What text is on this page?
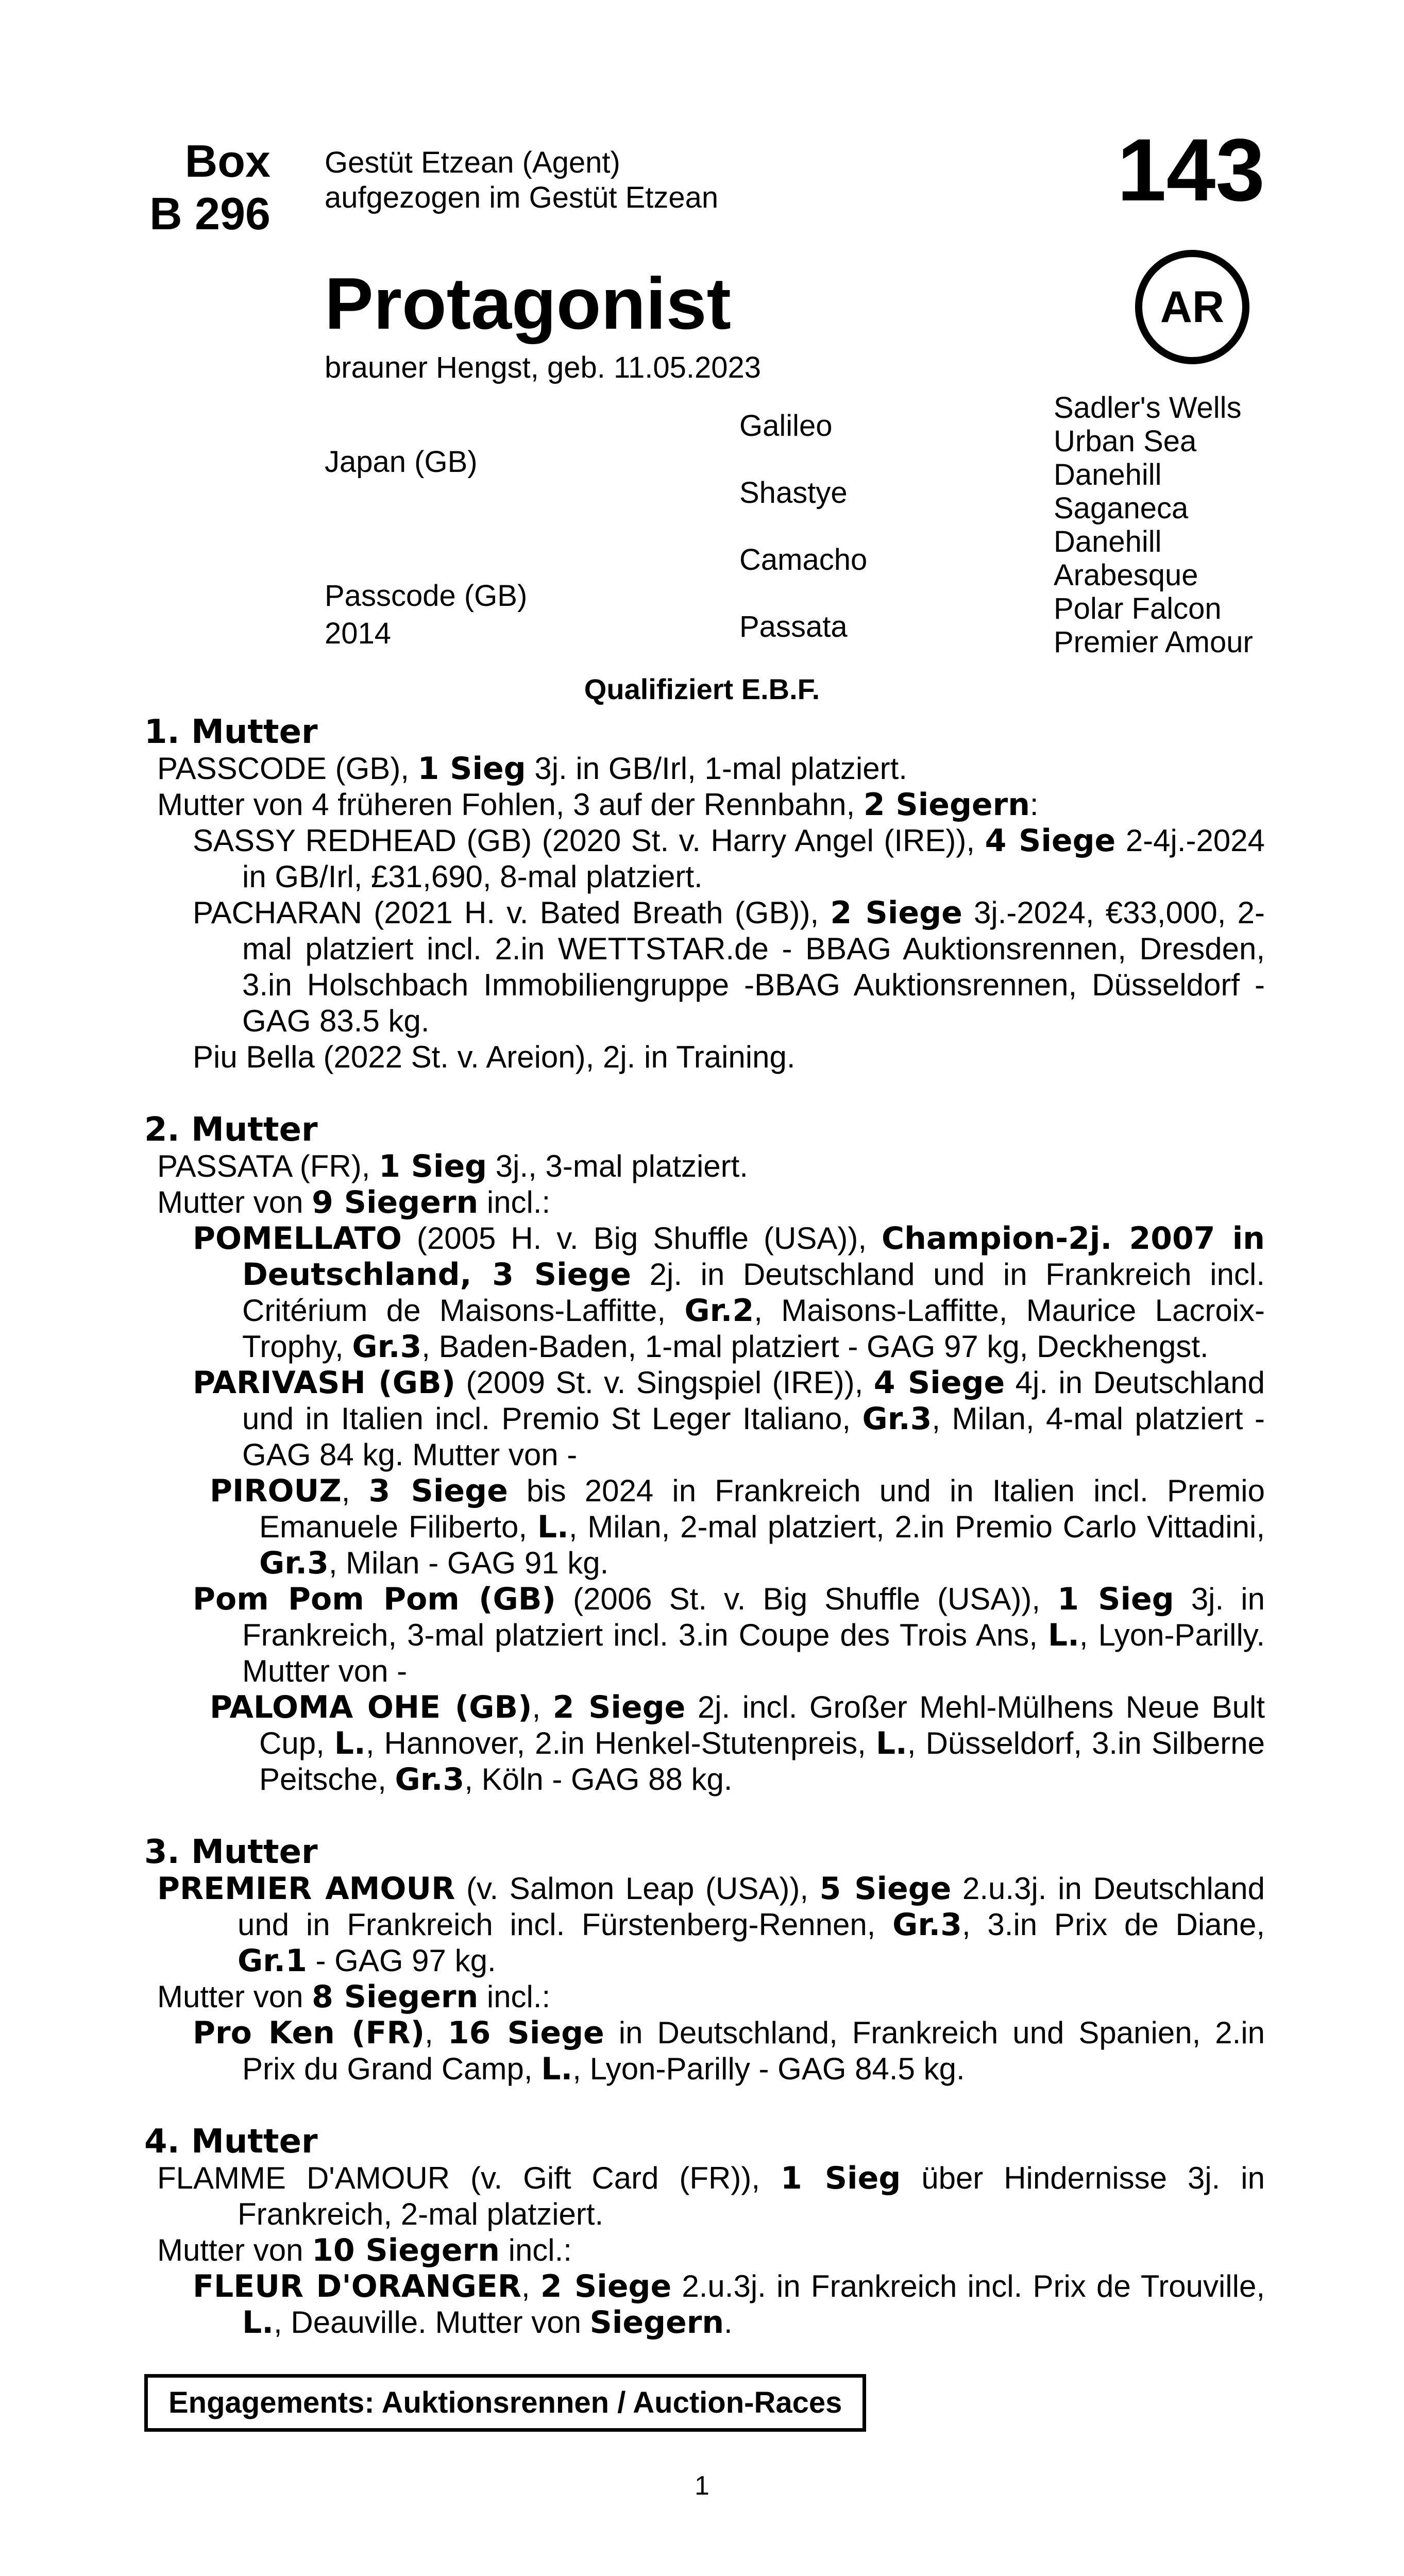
Box
B 296
Gestüt Etzean (Agent)
aufgezogen im Gestüt Etzean	143
AR
Protagonist
brauner Hengst, geb. 11.05.2023
Japan (GB)
Passcode (GB)
2014
Galileo
Shastye
Camacho
Passata
Sadler's Wells
Urban Sea
Danehill
Saganeca
Danehill
Arabesque
Polar Falcon
Premier Amour
Qualifiziert E.B.F.
1. Mutter
PASSCODE (GB), 1 Sieg 3j. in GB/Irl, 1-mal platziert.
Mutter von 4 früheren Fohlen, 3 auf der Rennbahn, 2 Siegern:
SASSY REDHEAD (GB) (2020 St. v. Harry Angel (IRE)), 4 Siege 2-4j.-2024 in GB/Irl, £31,690, 8-mal platziert.
PACHARAN (2021 H. v. Bated Breath (GB)), 2 Siege 3j.-2024, €33,000, 2-mal platziert incl. 2.in WETTSTAR.de - BBAG Auktionsrennen, Dresden, 3.in Holschbach Immobiliengruppe -BBAG Auktionsrennen, Düsseldorf - GAG 83.5 kg.
Piu Bella (2022 St. v. Areion), 2j. in Training.
2. Mutter
PASSATA (FR), 1 Sieg 3j., 3-mal platziert.
Mutter von 9 Siegern incl.:
POMELLATO (2005 H. v. Big Shuffle (USA)), Champion-2j. 2007 in Deutschland, 3 Siege 2j. in Deutschland und in Frankreich incl. Critérium de Maisons-Laffitte, Gr.2, Maisons-Laffitte, Maurice Lacroix-Trophy, Gr.3, Baden-Baden, 1-mal platziert - GAG 97 kg, Deckhengst.
PARIVASH (GB) (2009 St. v. Singspiel (IRE)), 4 Siege 4j. in Deutschland und in Italien incl. Premio St Leger Italiano, Gr.3, Milan, 4-mal platziert - GAG 84 kg. Mutter von -
PIROUZ, 3 Siege bis 2024 in Frankreich und in Italien incl. Premio Emanuele Filiberto, L., Milan, 2-mal platziert, 2.in Premio Carlo Vittadini, Gr.3, Milan - GAG 91 kg.
Pom Pom Pom (GB) (2006 St. v. Big Shuffle (USA)), 1 Sieg 3j. in Frankreich, 3-mal platziert incl. 3.in Coupe des Trois Ans, L., Lyon-Parilly. Mutter von -
PALOMA OHE (GB), 2 Siege 2j. incl. Großer Mehl-Mülhens Neue Bult Cup, L., Hannover, 2.in Henkel-Stutenpreis, L., Düsseldorf, 3.in Silberne Peitsche, Gr.3, Köln - GAG 88 kg.
3. Mutter
PREMIER AMOUR (v. Salmon Leap (USA)), 5 Siege 2.u.3j. in Deutschland und in Frankreich incl. Fürstenberg-Rennen, Gr.3, 3.in Prix de Diane, Gr.1 - GAG 97 kg.
Mutter von 8 Siegern incl.:
Pro Ken (FR), 16 Siege in Deutschland, Frankreich und Spanien, 2.in Prix du Grand Camp, L., Lyon-Parilly - GAG 84.5 kg.
4. Mutter
FLAMME D'AMOUR (v. Gift Card (FR)), 1 Sieg über Hindernisse 3j. in Frankreich, 2-mal platziert.
Mutter von 10 Siegern incl.:
FLEUR D'ORANGER, 2 Siege 2.u.3j. in Frankreich incl. Prix de Trouville, L., Deauville. Mutter von Siegern.
Engagements: Auktionsrennen / Auction-Races
1
